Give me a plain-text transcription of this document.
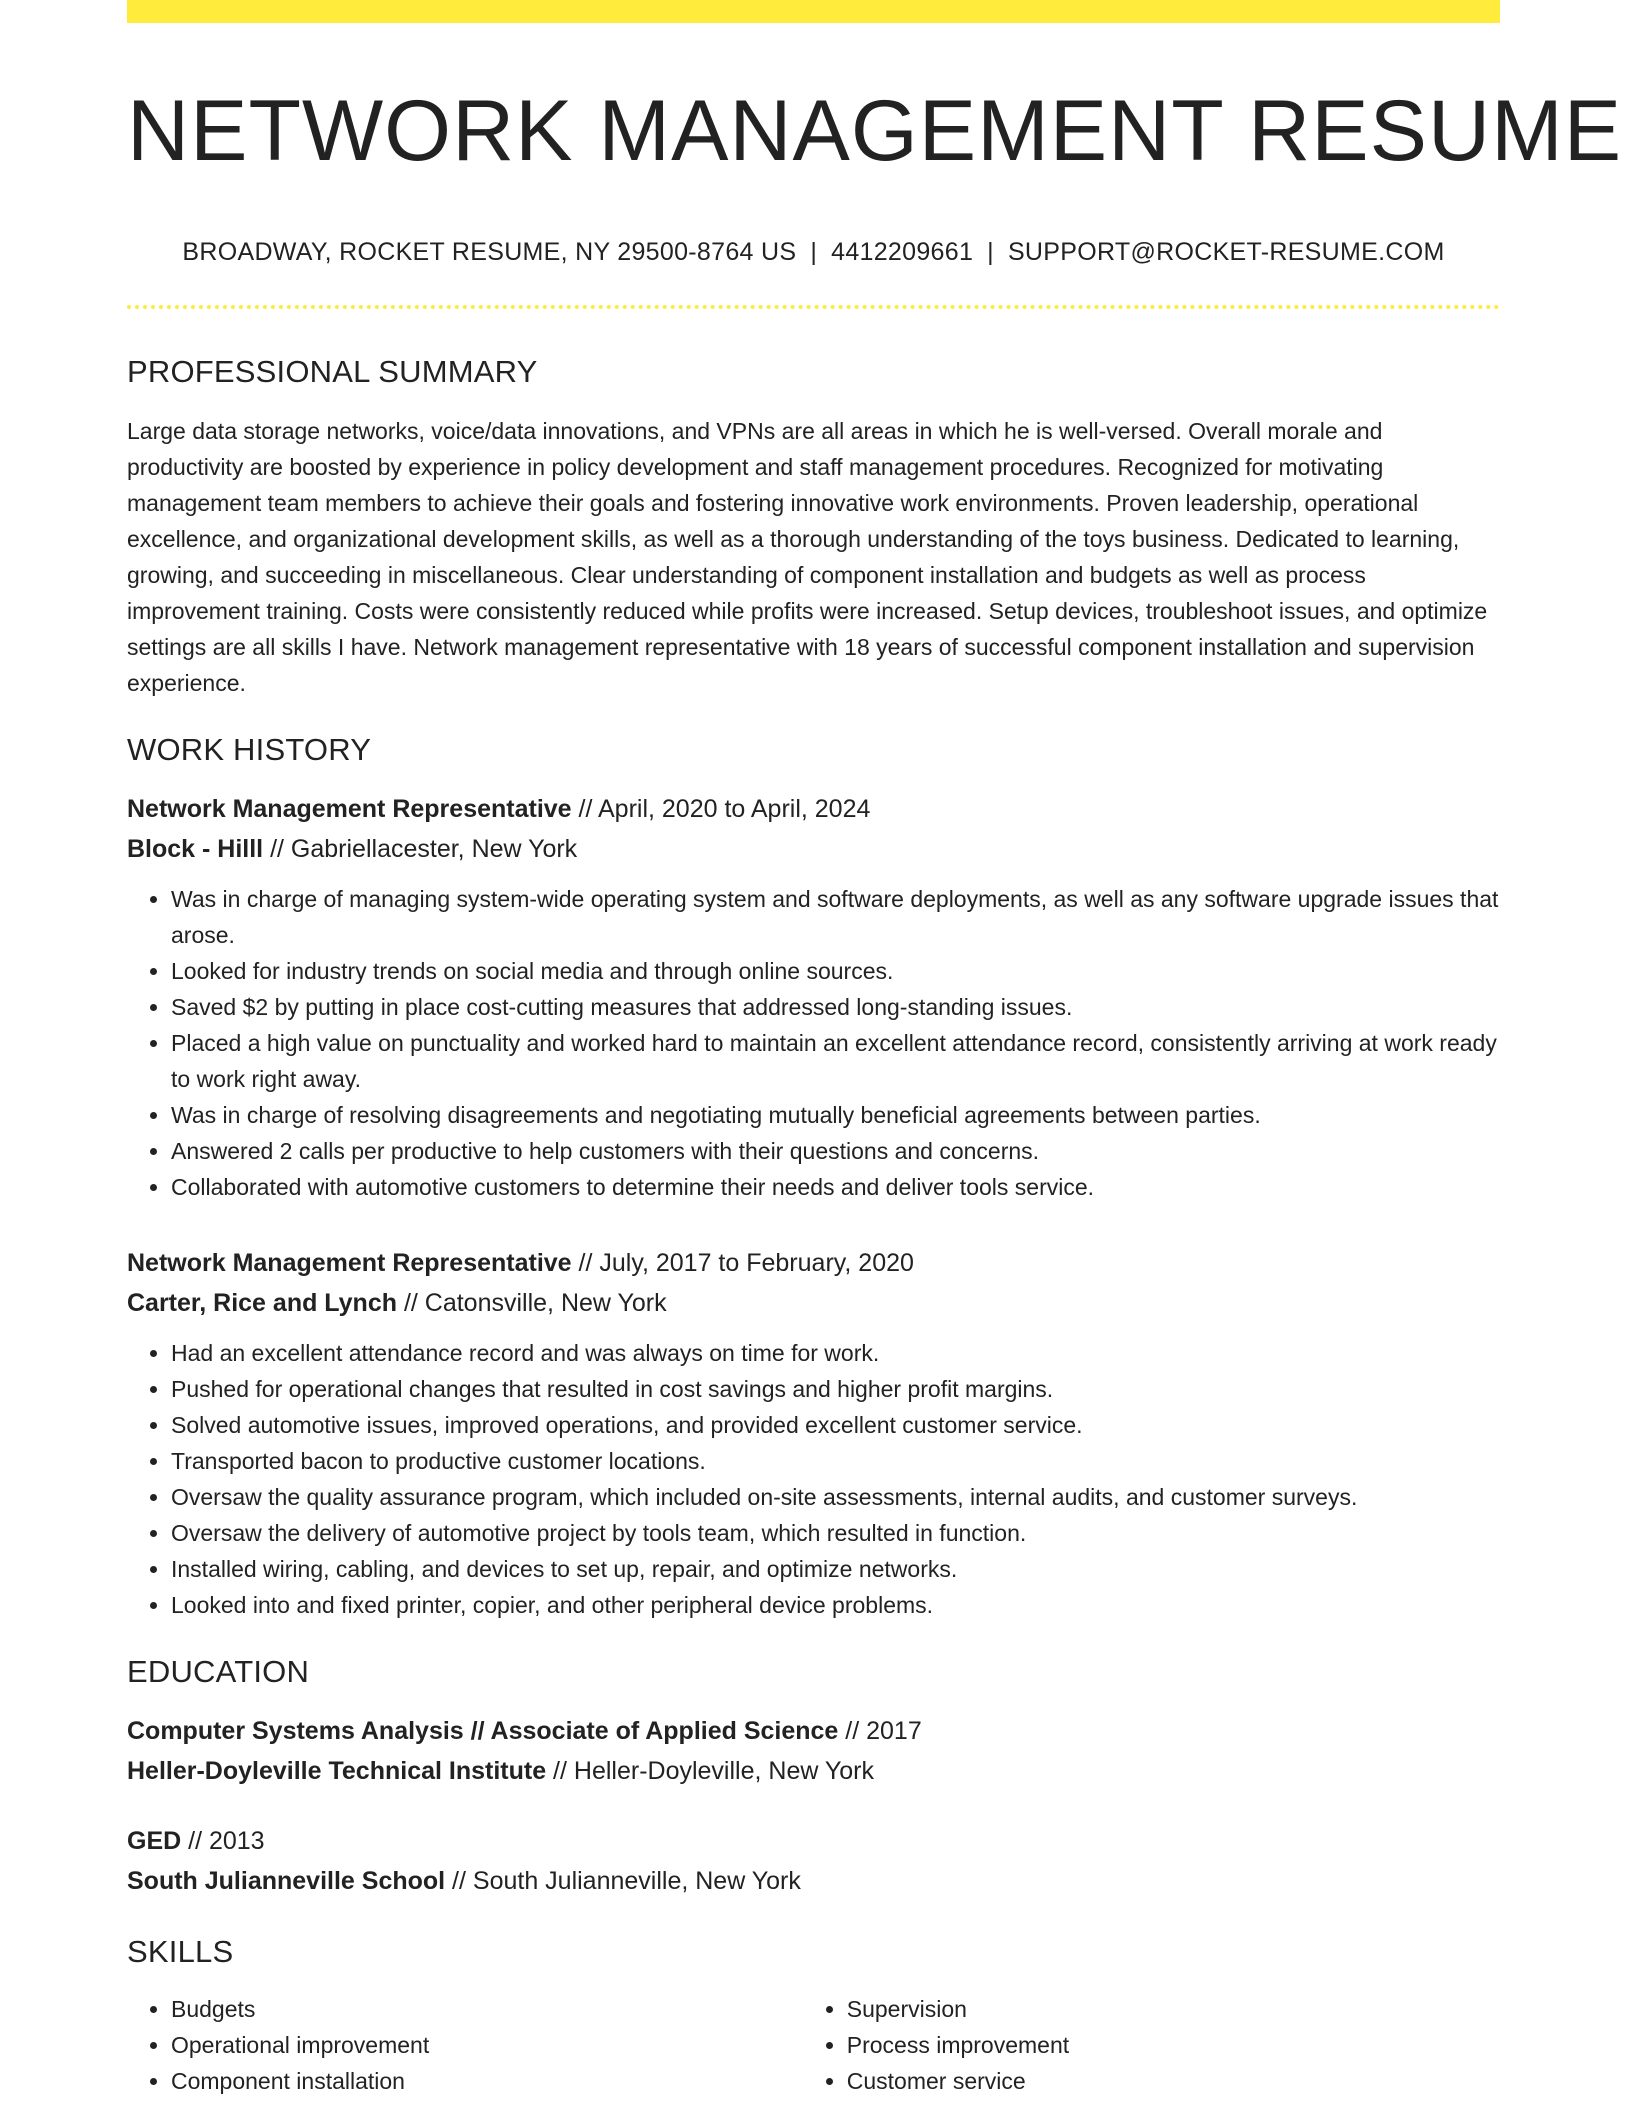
NETWORK MANAGEMENT RESUME
BROADWAY, ROCKET RESUME, NY 29500-8764 US | 4412209661 | SUPPORT@ROCKET-RESUME.COM
PROFESSIONAL SUMMARY

Large data storage networks, voice/data innovations, and VPNs are all areas in which he is well-versed. Overall morale and productivity are boosted by experience in policy development and staff management procedures. Recognized for motivating management team members to achieve their goals and fostering innovative work environments. Proven leadership, operational excellence, and organizational development skills, as well as a thorough understanding of the toys business. Dedicated to learning, growing, and succeeding in miscellaneous. Clear understanding of component installation and budgets as well as process improvement training. Costs were consistently reduced while profits were increased. Setup devices, troubleshoot issues, and optimize settings are all skills I have. Network management representative with 18 years of successful component installation and supervision experience.

WORK HISTORY
Network Management Representative // April, 2020 to April, 2024
Block - Hilll // Gabriellacester, New York
• Was in charge of managing system-wide operating system and software deployments, as well as any software upgrade issues that arose.
• Looked for industry trends on social media and through online sources.
• Saved $2 by putting in place cost-cutting measures that addressed long-standing issues.
• Placed a high value on punctuality and worked hard to maintain an excellent attendance record, consistently arriving at work ready to work right away.
• Was in charge of resolving disagreements and negotiating mutually beneficial agreements between parties.
• Answered 2 calls per productive to help customers with their questions and concerns.
• Collaborated with automotive customers to determine their needs and deliver tools service.
Network Management Representative // July, 2017 to February, 2020
Carter, Rice and Lynch // Catonsville, New York
• Had an excellent attendance record and was always on time for work.
• Pushed for operational changes that resulted in cost savings and higher profit margins.
• Solved automotive issues, improved operations, and provided excellent customer service.
• Transported bacon to productive customer locations.
• Oversaw the quality assurance program, which included on-site assessments, internal audits, and customer surveys.
• Oversaw the delivery of automotive project by tools team, which resulted in function.
• Installed wiring, cabling, and devices to set up, repair, and optimize networks.
• Looked into and fixed printer, copier, and other peripheral device problems.
EDUCATION
Computer Systems Analysis // Associate of Applied Science // 2017
Heller-Doyleville Technical Institute // Heller-Doyleville, New York
GED // 2013
South Julianneville School // South Julianneville, New York
SKILLS
• Budgets
• Operational improvement
• Component installation
• Supervision
• Process improvement
• Customer service
